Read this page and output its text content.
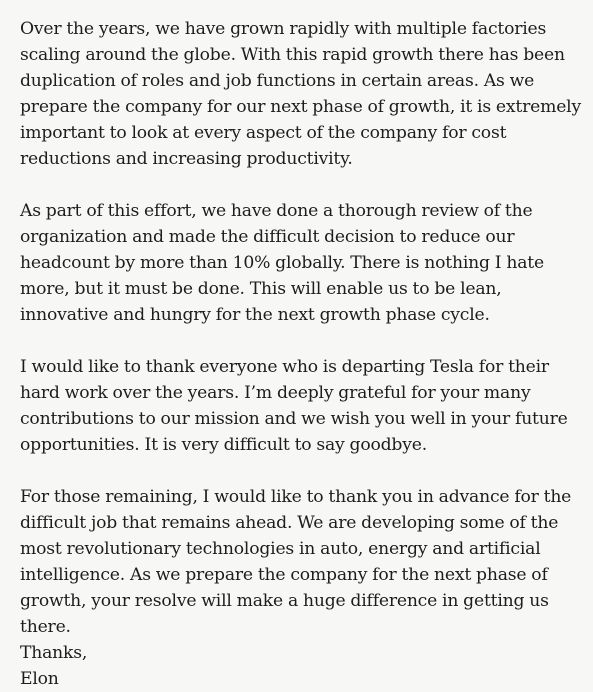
Over the years, we have grown rapidly with multiple factories scaling around the globe. With this rapid growth there has been duplication of roles and job functions in certain areas. As we prepare the company for our next phase of growth, it is extremely important to look at every aspect of the company for cost reductions and increasing productivity.

As part of this effort, we have done a thorough review of the organization and made the difficult decision to reduce our headcount by more than 10% globally. There is nothing I hate more, but it must be done. This will enable us to be lean, innovative and hungry for the next growth phase cycle.

I would like to thank everyone who is departing Tesla for their hard work over the years. I’m deeply grateful for your many contributions to our mission and we wish you well in your future opportunities. It is very difficult to say goodbye.

For those remaining, I would like to thank you in advance for the difficult job that remains ahead. We are developing some of the most revolutionary technologies in auto, energy and artificial intelligence. As we prepare the company for the next phase of growth, your resolve will make a huge difference in getting us there.

Thanks,

Elon
